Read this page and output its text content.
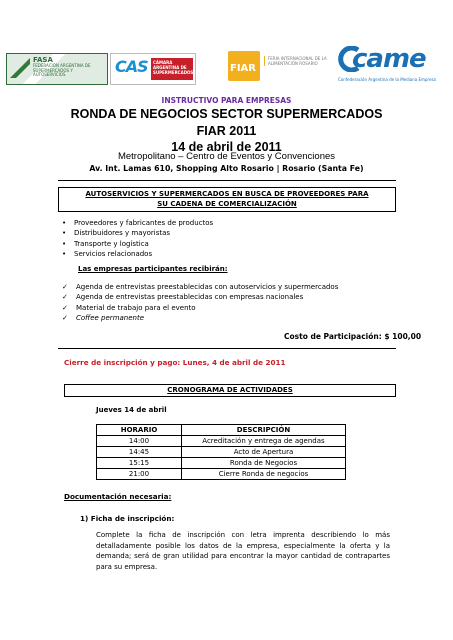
FASA
FEDERACIÓN ARGENTINA DE SUPERMERCADOS Y AUTOSERVICIOS	CAS	CÁMARA ARGENTINA DE SUPERMERCADOS	FIAR
FERIA INTERNACIONAL DE LA ALIMENTACIÓN ROSARIO	came
Confederación Argentina de la Mediana Empresa
INSTRUCTIVO PARA EMPRESAS
RONDA DE NEGOCIOS SECTOR SUPERMERCADOS
FIAR 2011
14 de abril de 2011
Metropolitano – Centro de Eventos y Convenciones
Av. Int. Lamas 610, Shopping Alto Rosario | Rosario (Santa Fe)
AUTOSERVICIOS Y SUPERMERCADOS EN BUSCA DE PROVEEDORES PARA
SU CADENA DE COMERCIALIZACIÓN
• Proveedores y fabricantes de productos
• Distribuidores y mayoristas
• Transporte y logística
• Servicios relacionados
Las empresas participantes recibirán:
✓ Agenda de entrevistas preestablecidas con autoservicios y supermercados
✓ Agenda de entrevistas preestablecidas con empresas nacionales
✓ Material de trabajo para el evento
✓ Coffee permanente
Costo de Participación: $ 100,00
Cierre de inscripción y pago: Lunes, 4 de abril de 2011
CRONOGRAMA DE ACTIVIDADES
Jueves 14 de abril
HORARIO	DESCRIPCIÓN
14:00	Acreditación y entrega de agendas
14:45	Acto de Apertura
15:15	Ronda de Negocios
21:00	Cierre Ronda de negocios
Documentación necesaria:
1) Ficha de inscripción:
Complete la ficha de inscripción con letra imprenta describiendo lo más detalladamente posible los datos de la empresa, especialmente la oferta y la demanda; será de gran utilidad para encontrar la mayor cantidad de contrapartes para su empresa.
